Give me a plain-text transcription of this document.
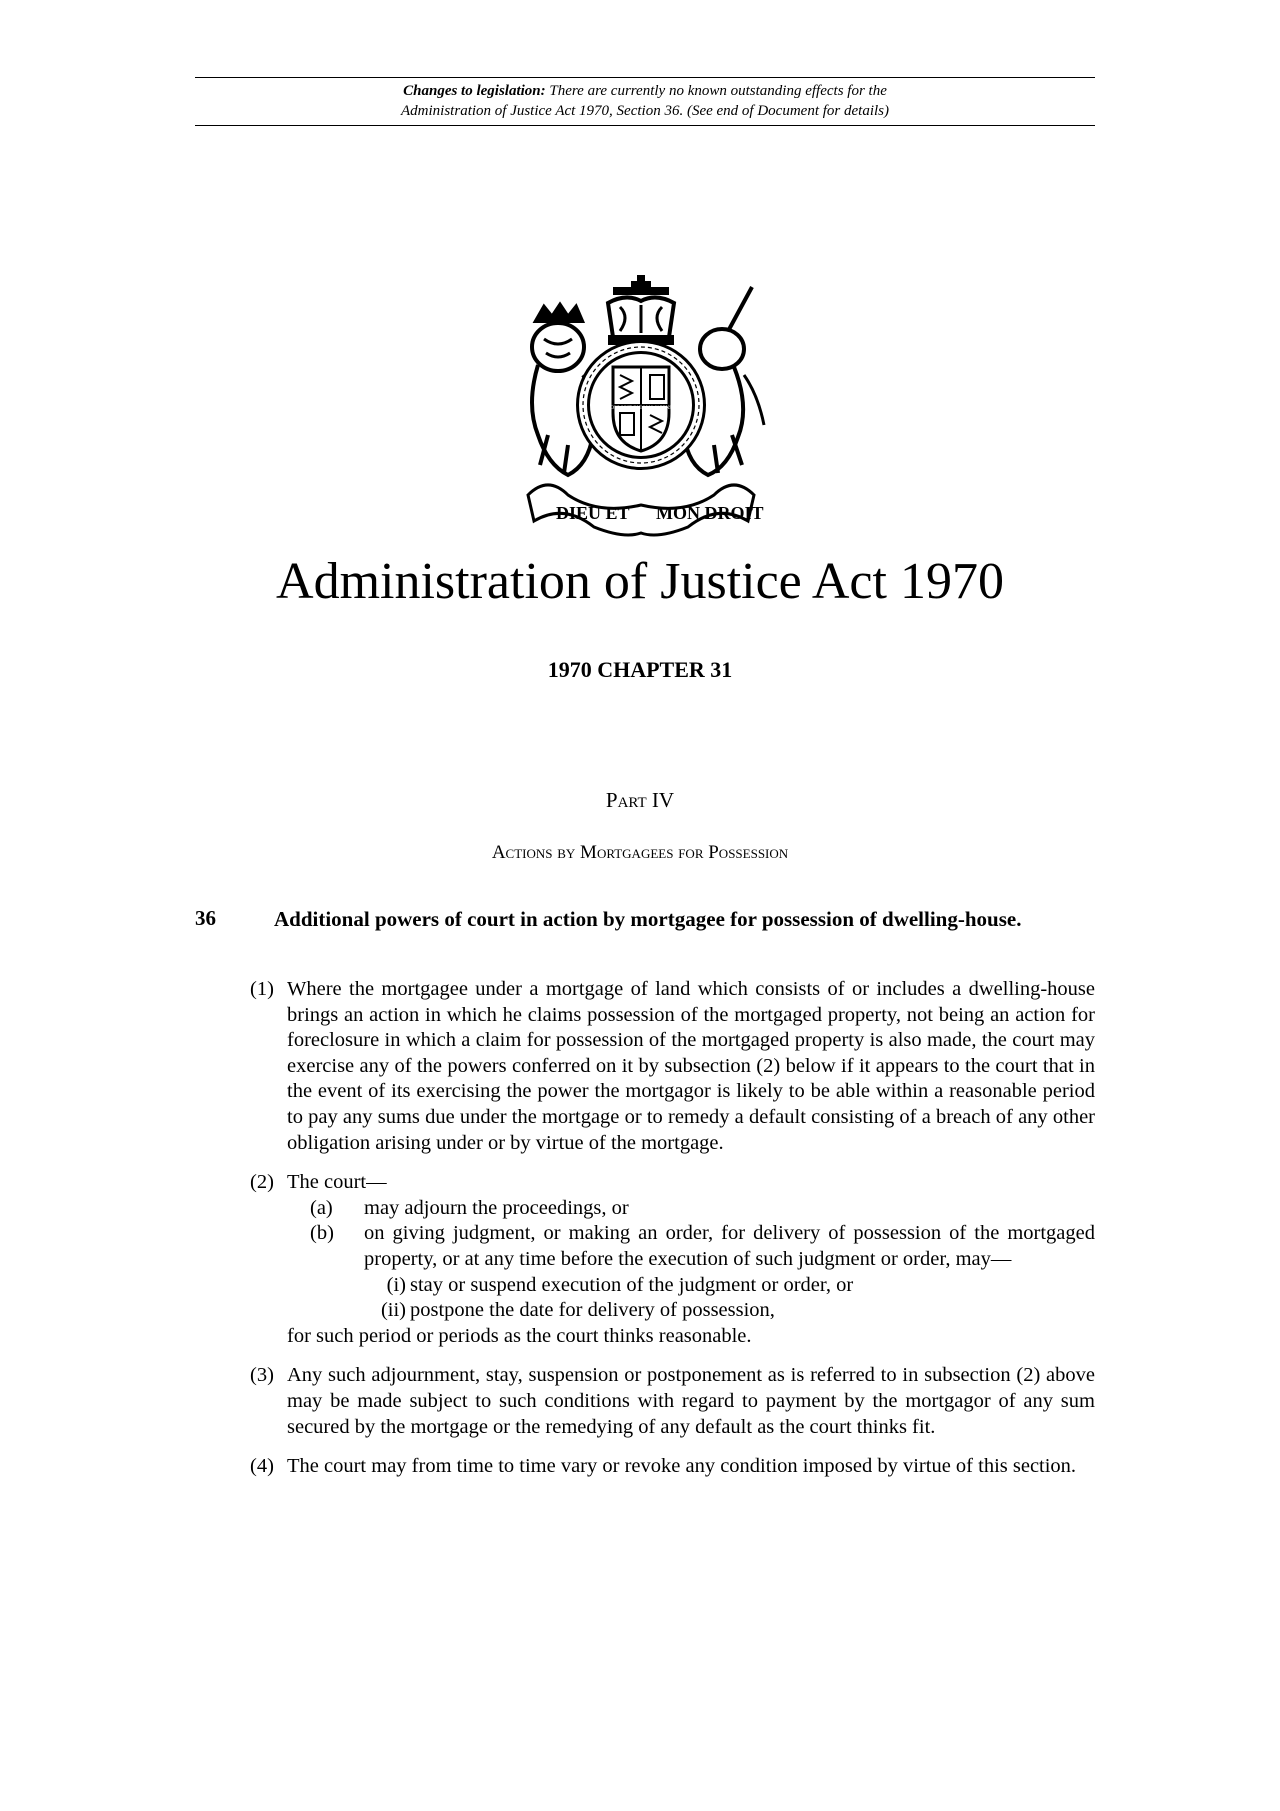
Changes to legislation: There are currently no known outstanding effects for the
Administration of Justice Act 1970, Section 36. (See end of Document for details)
DIEU ET MON DROIT
HONI SOIT QUI MAL Y PENSE
Administration of Justice Act 1970
1970 CHAPTER 31
Part IV
Actions by Mortgagees for Possession
36	Additional powers of court in action by mortgagee for possession of dwelling-house.
(1) Where the mortgagee under a mortgage of land which consists of or includes a dwelling-house brings an action in which he claims possession of the mortgaged property, not being an action for foreclosure in which a claim for possession of the mortgaged property is also made, the court may exercise any of the powers conferred on it by subsection (2) below if it appears to the court that in the event of its exercising the power the mortgagor is likely to be able within a reasonable period to pay any sums due under the mortgage or to remedy a default consisting of a breach of any other obligation arising under or by virtue of the mortgage.
(2) The court—
(a) may adjourn the proceedings, or
(b) on giving judgment, or making an order, for delivery of possession of the mortgaged property, or at any time before the execution of such judgment or order, may—
(i) stay or suspend execution of the judgment or order, or
(ii) postpone the date for delivery of possession,
for such period or periods as the court thinks reasonable.
(3) Any such adjournment, stay, suspension or postponement as is referred to in subsection (2) above may be made subject to such conditions with regard to payment by the mortgagor of any sum secured by the mortgage or the remedying of any default as the court thinks fit.
(4) The court may from time to time vary or revoke any condition imposed by virtue of this section.
